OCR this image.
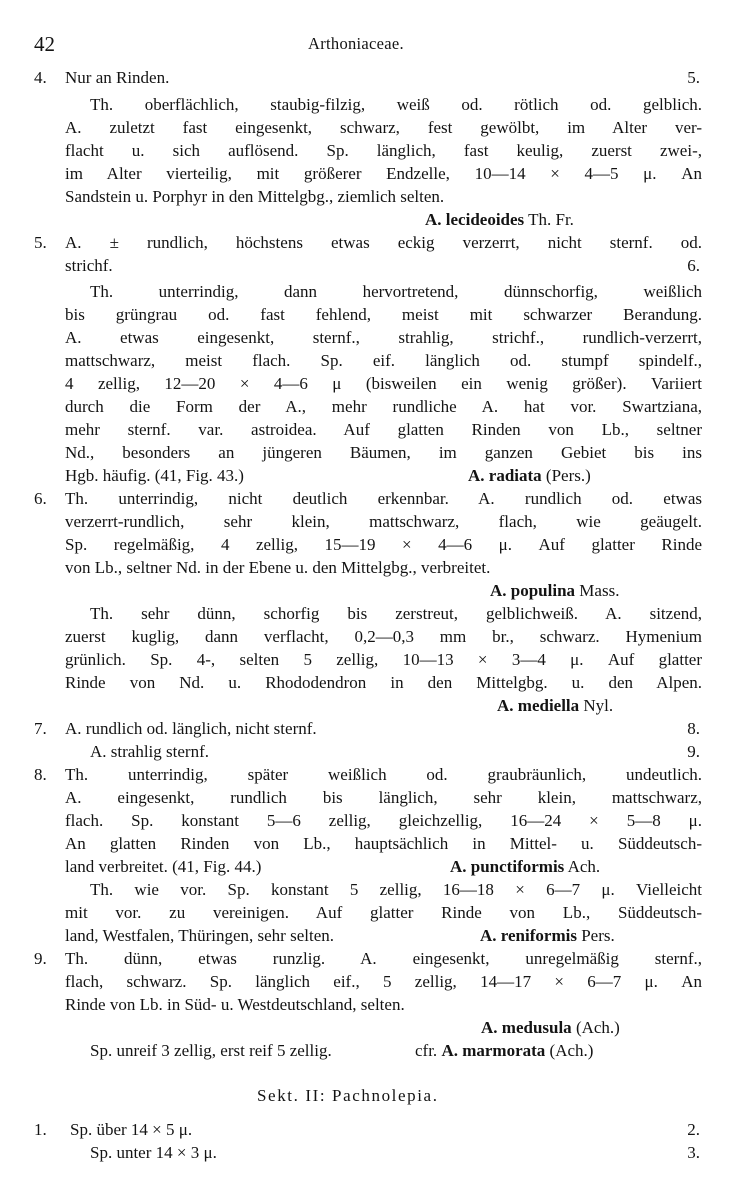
42	Arthoniaceae.
4. Nur an Rinden.	5.
Th. oberflächlich, staubig-filzig, weiß od. rötlich od. gelblich.
A. zuletzt fast eingesenkt, schwarz, fest gewölbt, im Alter ver-
flacht u. sich auflösend. Sp. länglich, fast keulig, zuerst zwei-,
im Alter vierteilig, mit größerer Endzelle, 10—14 × 4—5 μ. An
Sandstein u. Porphyr in den Mittelgbg., ziemlich selten.
A. lecideoides Th. Fr.
5. A. ± rundlich, höchstens etwas eckig verzerrt, nicht sternf. od.
strichf.	6.
Th. unterrindig, dann hervortretend, dünnschorfig, weißlich
bis grüngrau od. fast fehlend, meist mit schwarzer Berandung.
A. etwas eingesenkt, sternf., strahlig, strichf., rundlich-verzerrt,
mattschwarz, meist flach. Sp. eif. länglich od. stumpf spindelf.,
4 zellig, 12—20 × 4—6 μ (bisweilen ein wenig größer). Variiert
durch die Form der A., mehr rundliche A. hat vor. Swartziana,
mehr sternf. var. astroidea. Auf glatten Rinden von Lb., seltner
Nd., besonders an jüngeren Bäumen, im ganzen Gebiet bis ins
Hgb. häufig. (41, Fig. 43.)	A. radiata (Pers.)
6. Th. unterrindig, nicht deutlich erkennbar. A. rundlich od. etwas
verzerrt-rundlich, sehr klein, mattschwarz, flach, wie geäugelt.
Sp. regelmäßig, 4 zellig, 15—19 × 4—6 μ. Auf glatter Rinde
von Lb., seltner Nd. in der Ebene u. den Mittelgbg., verbreitet.
A. populina Mass.
Th. sehr dünn, schorfig bis zerstreut, gelblichweiß. A. sitzend,
zuerst kuglig, dann verflacht, 0,2—0,3 mm br., schwarz. Hymenium
grünlich. Sp. 4-, selten 5 zellig, 10—13 × 3—4 μ. Auf glatter
Rinde von Nd. u. Rhododendron in den Mittelgbg. u. den Alpen.
A. mediella Nyl.
7. A. rundlich od. länglich, nicht sternf.	8.
A. strahlig sternf.	9.
8. Th. unterrindig, später weißlich od. graubräunlich, undeutlich.
A. eingesenkt, rundlich bis länglich, sehr klein, mattschwarz,
flach. Sp. konstant 5—6 zellig, gleichzellig, 16—24 × 5—8 μ.
An glatten Rinden von Lb., hauptsächlich in Mittel- u. Süddeutsch-
land verbreitet. (41, Fig. 44.)	A. punctiformis Ach.
Th. wie vor. Sp. konstant 5 zellig, 16—18 × 6—7 μ. Vielleicht
mit vor. zu vereinigen. Auf glatter Rinde von Lb., Süddeutsch-
land, Westfalen, Thüringen, sehr selten.	A. reniformis Pers.
9. Th. dünn, etwas runzlig. A. eingesenkt, unregelmäßig sternf.,
flach, schwarz. Sp. länglich eif., 5 zellig, 14—17 × 6—7 μ. An
Rinde von Lb. in Süd- u. Westdeutschland, selten.
A. medusula (Ach.)
Sp. unreif 3 zellig, erst reif 5 zellig.	cfr. A. marmorata (Ach.)
Sekt. II: Pachnolepia.
1. Sp. über 14 × 5 μ.	2.
Sp. unter 14 × 3 μ.	3.
